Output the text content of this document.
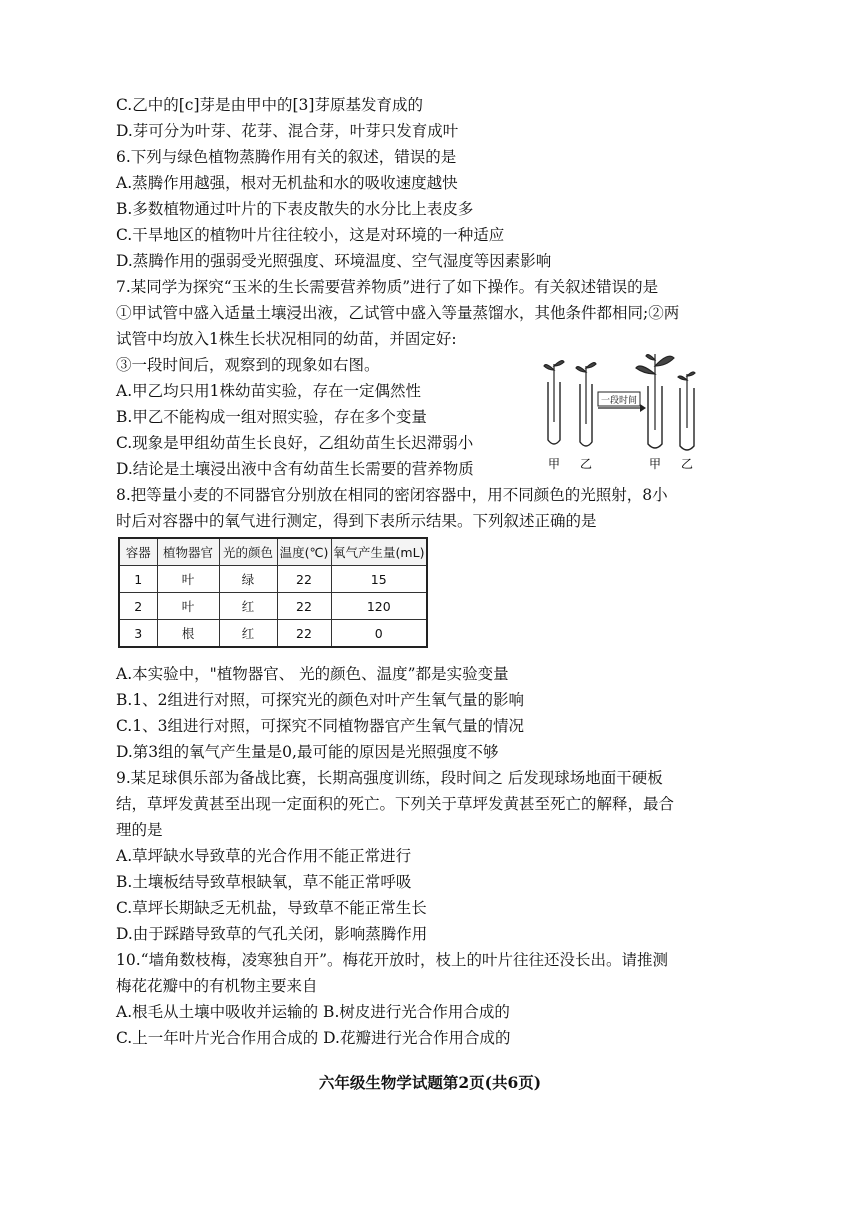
C.乙中的[c]芽是由甲中的[3]芽原基发育成的
D.芽可分为叶芽、花芽、混合芽，叶芽只发育成叶
6.下列与绿色植物蒸腾作用有关的叙述，错误的是
A.蒸腾作用越强，根对无机盐和水的吸收速度越快
B.多数植物通过叶片的下表皮散失的水分比上表皮多
C.干旱地区的植物叶片往往较小，这是对环境的一种适应
D.蒸腾作用的强弱受光照强度、环境温度、空气湿度等因素影响
7.某同学为探究“玉米的生长需要营养物质”进行了如下操作。有关叙述错误的是
①甲试管中盛入适量土壤浸出液，乙试管中盛入等量蒸馏水，其他条件都相同;②两
试管中均放入1株生长状况相同的幼苗，并固定好:
③一段时间后，观察到的现象如右图。
A.甲乙均只用1株幼苗实验，存在一定偶然性
B.甲乙不能构成一组对照实验，存在多个变量
C.现象是甲组幼苗生长良好，乙组幼苗生长迟滞弱小
D.结论是土壤浸出液中含有幼苗生长需要的营养物质
一段时间
甲 乙	甲 乙
8.把等量小麦的不同器官分别放在相同的密闭容器中，用不同颜色的光照射，8小
时后对容器中的氧气进行测定，得到下表所示结果。下列叙述正确的是
容器	植物器官	光的颜色	温度(℃)	氧气产生量(mL)
1	叶	绿	22	15
2	叶	红	22	120
3	根	红	22	0
A.本实验中，"植物器官、 光的颜色、温度”都是实验变量
B.1、2组进行对照，可探究光的颜色对叶产生氧气量的影响
C.1、3组进行对照，可探究不同植物器官产生氧气量的情况
D.第3组的氧气产生量是0,最可能的原因是光照强度不够
9.某足球俱乐部为备战比赛，长期高强度训练，段时间之 后发现球场地面干硬板
结，草坪发黄甚至出现一定面积的死亡。下列关于草坪发黄甚至死亡的解释，最合
理的是
A.草坪缺水导致草的光合作用不能正常进行
B.土壤板结导致草根缺氧，草不能正常呼吸
C.草坪长期缺乏无机盐，导致草不能正常生长
D.由于踩踏导致草的气孔关闭，影响蒸腾作用
10.“墙角数枝梅，凌寒独自开”。梅花开放时，枝上的叶片往往还没长出。请推测
梅花花瓣中的有机物主要来自
A.根毛从土壤中吸收并运输的 B.树皮进行光合作用合成的
C.上一年叶片光合作用合成的 D.花瓣进行光合作用合成的
六年级生物学试题第2页(共6页)
